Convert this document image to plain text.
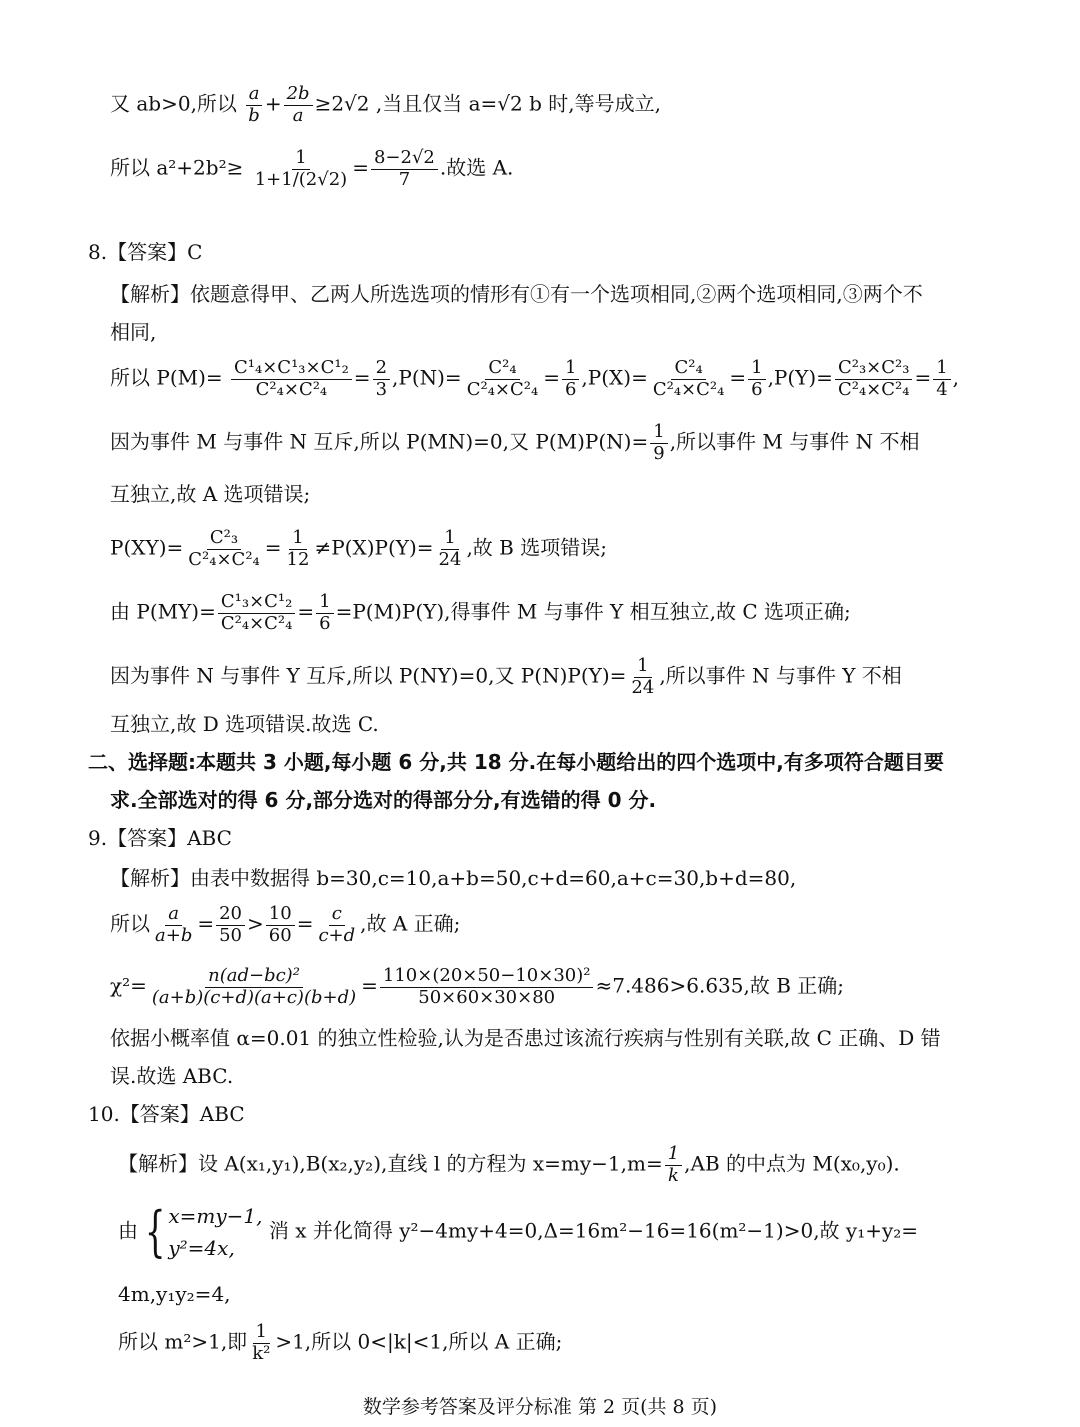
又 ab>0,所以 $\frac{a}{b} + \frac{2b}{a} \ge 2√2$ ,当且仅当 a=√2 b 时,等号成立,
所以 $a^2+2b^2\ge \frac{1}{1+1/(2√2)} = \frac{8-2√2}{7}$ .故选 A.
8.【答案】C
【解析】依题意得甲、乙两人所选选项的情形有①有一个选项相同,②两个选项相同,③两个不
相同,
所以 $P(M)= \frac{\text{C¹₄×C¹₃×C¹₂}}{\text{C²₄×C²₄}} = \frac{2}{3} ,P(N)= \frac{\text{C²₄}}{\text{C²₄×C²₄}} = \frac{1}{6} ,P(X)= \frac{\text{C²₄}}{\text{C²₄×C²₄}} = \frac{1}{6} ,P(Y)= \frac{\text{C²₃×C²₃}}{\text{C²₄×C²₄}} = \frac{1}{4}$ ,
因为事件 M 与事件 N 互斥,所以 P(MN)=0,又 $P(M)P(N)= \frac{1}{9}$ ,所以事件 M 与事件 N 不相
互独立,故 A 选项错误;
$P(XY)= \frac{\text{C²₃}}{\text{C²₄×C²₄}} = \frac{1}{12} \ne P(X)P(Y)= \frac{1}{24}$ ,故 B 选项错误;
由 $P(MY)= \frac{\text{C¹₃×C¹₂}}{\text{C²₄×C²₄}} = \frac{1}{6} =P(M)P(Y)$,得事件 M 与事件 Y 相互独立,故 C 选项正确;
因为事件 N 与事件 Y 互斥,所以 P(NY)=0,又 $P(N)P(Y)= \frac{1}{24}$ ,所以事件 N 与事件 Y 不相
互独立,故 D 选项错误.故选 C.
二、选择题:本题共 3 小题,每小题 6 分,共 18 分.在每小题给出的四个选项中,有多项符合题目要
求.全部选对的得 6 分,部分选对的得部分分,有选错的得 0 分.
9.【答案】ABC
【解析】由表中数据得 b=30,c=10,a+b=50,c+d=60,a+c=30,b+d=80,
所以 $\frac{a}{a+b} = \frac{20}{50} > \frac{10}{60} = \frac{c}{c+d}$ ,故 A 正确;
$\chi^2= \frac{\text{n(ad−bc)²}}{(a+b)(c+d)(a+c)(b+d)} = \frac{\text{110×(20×50−10×30)²}}{50\times 60\times 30\times 80} \approx 7.486>6.635$,故 B 正确;
依据小概率值 α=0.01 的独立性检验,认为是否患过该流行疾病与性别有关联,故 C 正确、D 错
误.故选 ABC.
10.【答案】ABC
【解析】设 A(x₁,y₁),B(x₂,y₂),直线 l 的方程为 $x=my-1,m= \frac{1}{k} ,AB$ 的中点为 M(x₀,y₀).
由 { x=my−1,
y²=4x,
消 x 并化简得 y²−4my+4=0,Δ=16m²−16=16(m²−1)>0,故 y₁+y₂=
4m,y₁y₂=4,
所以 m²>1,即 $\frac{1}{\text{k²}} >1$,所以 0<|k|<1,所以 A 正确;
数学参考答案及评分标准 第 2 页(共 8 页)
